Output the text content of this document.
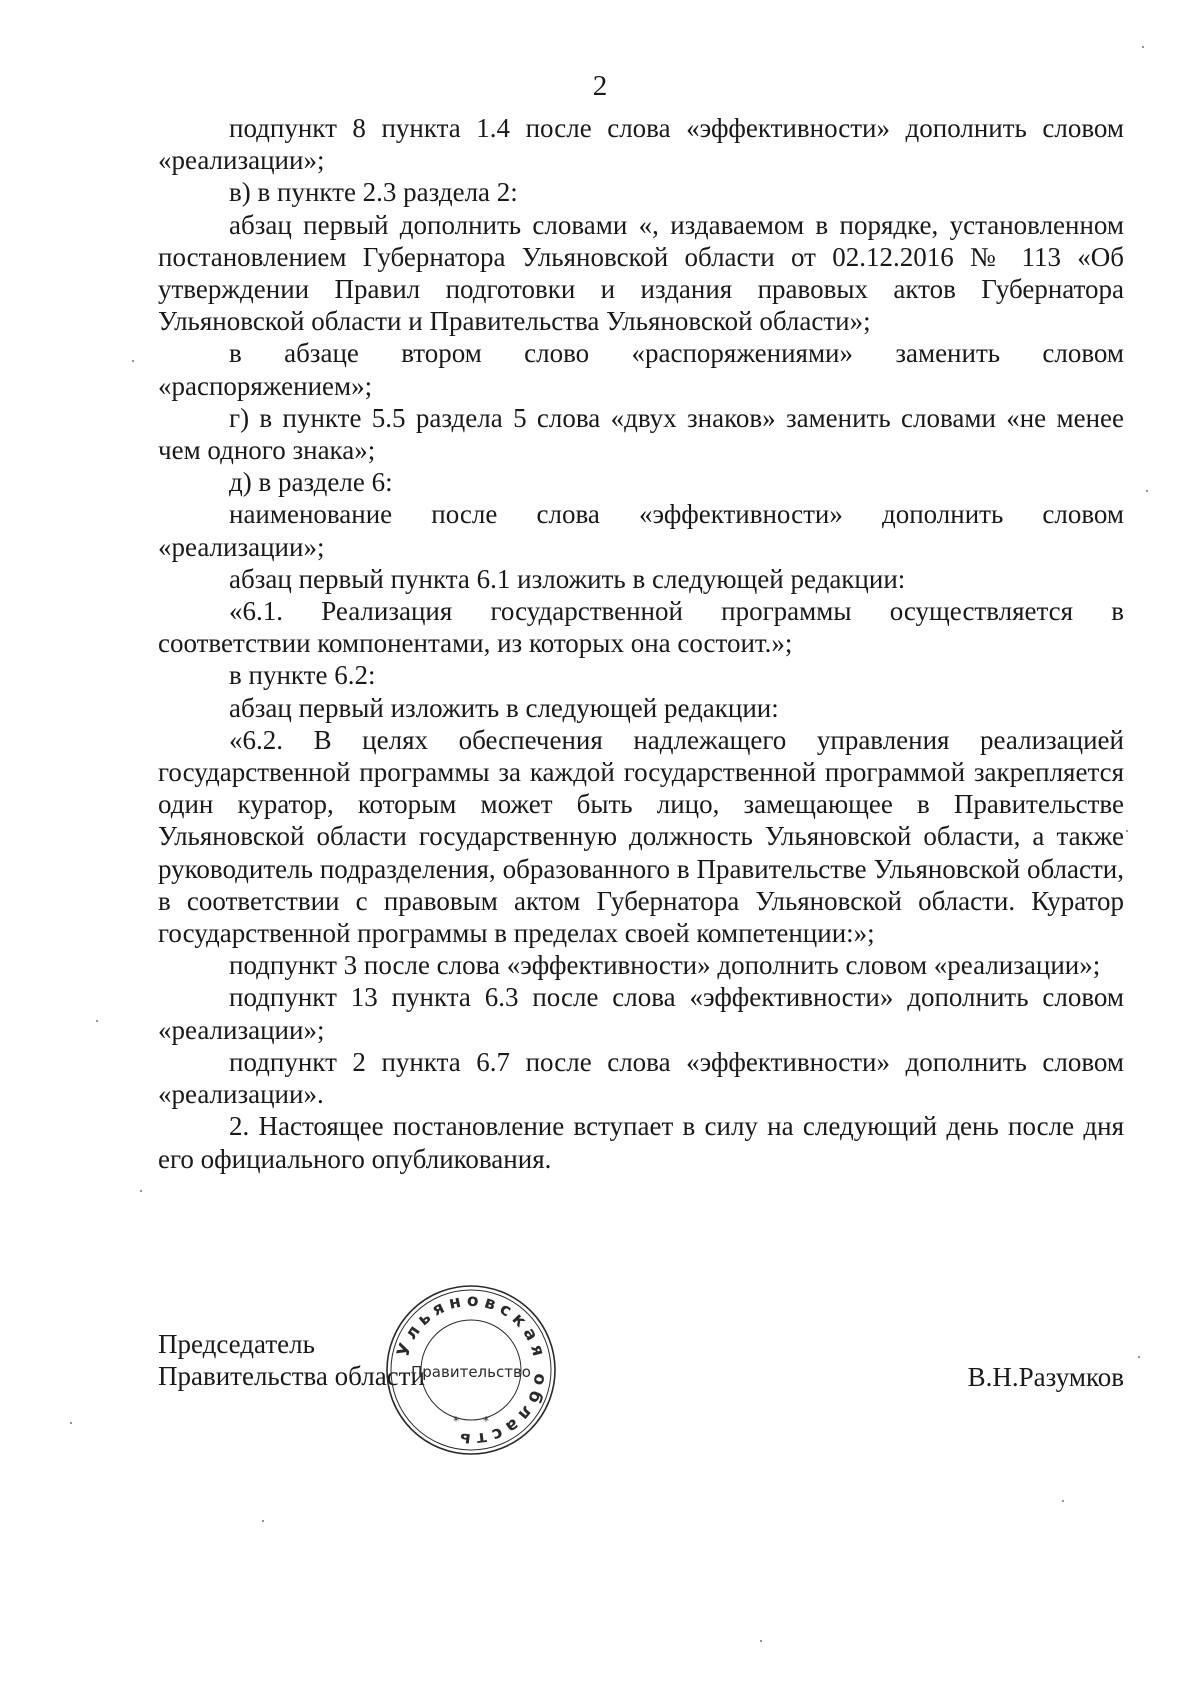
2

подпункт 8 пункта 1.4 после слова «эффективности» дополнить словом «реализации»;

в) в пункте 2.3 раздела 2:

абзац первый дополнить словами «, издаваемом в порядке, установленном постановлением Губернатора Ульяновской области от 02.12.2016 № 113 «Об утверждении Правил подготовки и издания правовых актов Губернатора Ульяновской области и Правительства Ульяновской области»;

в абзаце втором слово «распоряжениями» заменить словом «распоряжением»;

г) в пункте 5.5 раздела 5 слова «двух знаков» заменить словами «не менее чем одного знака»;

д) в разделе 6:

наименование после слова «эффективности» дополнить словом «реализации»;

абзац первый пункта 6.1 изложить в следующей редакции:

«6.1. Реализация государственной программы осуществляется в соответствии компонентами, из которых она состоит.»;

в пункте 6.2:

абзац первый изложить в следующей редакции:

«6.2. В целях обеспечения надлежащего управления реализацией государственной программы за каждой государственной программой закрепляется один куратор, которым может быть лицо, замещающее в Правительстве Ульяновской области государственную должность Ульяновской области, а также руководитель подразделения, образованного в Правительстве Ульяновской области, в соответствии с правовым актом Губернатора Ульяновской области. Куратор государственной программы в пределах своей компетенции:»;

подпункт 3 после слова «эффективности» дополнить словом «реализации»;

подпункт 13 пункта 6.3 после слова «эффективности» дополнить словом «реализации»;

подпункт 2 пункта 6.7 после слова «эффективности» дополнить словом «реализации».

2. Настоящее постановление вступает в силу на следующий день после дня его официального опубликования.

Председатель
Правительства области
Ульяновская область
Правительство
* *
В.Н.Разумков
